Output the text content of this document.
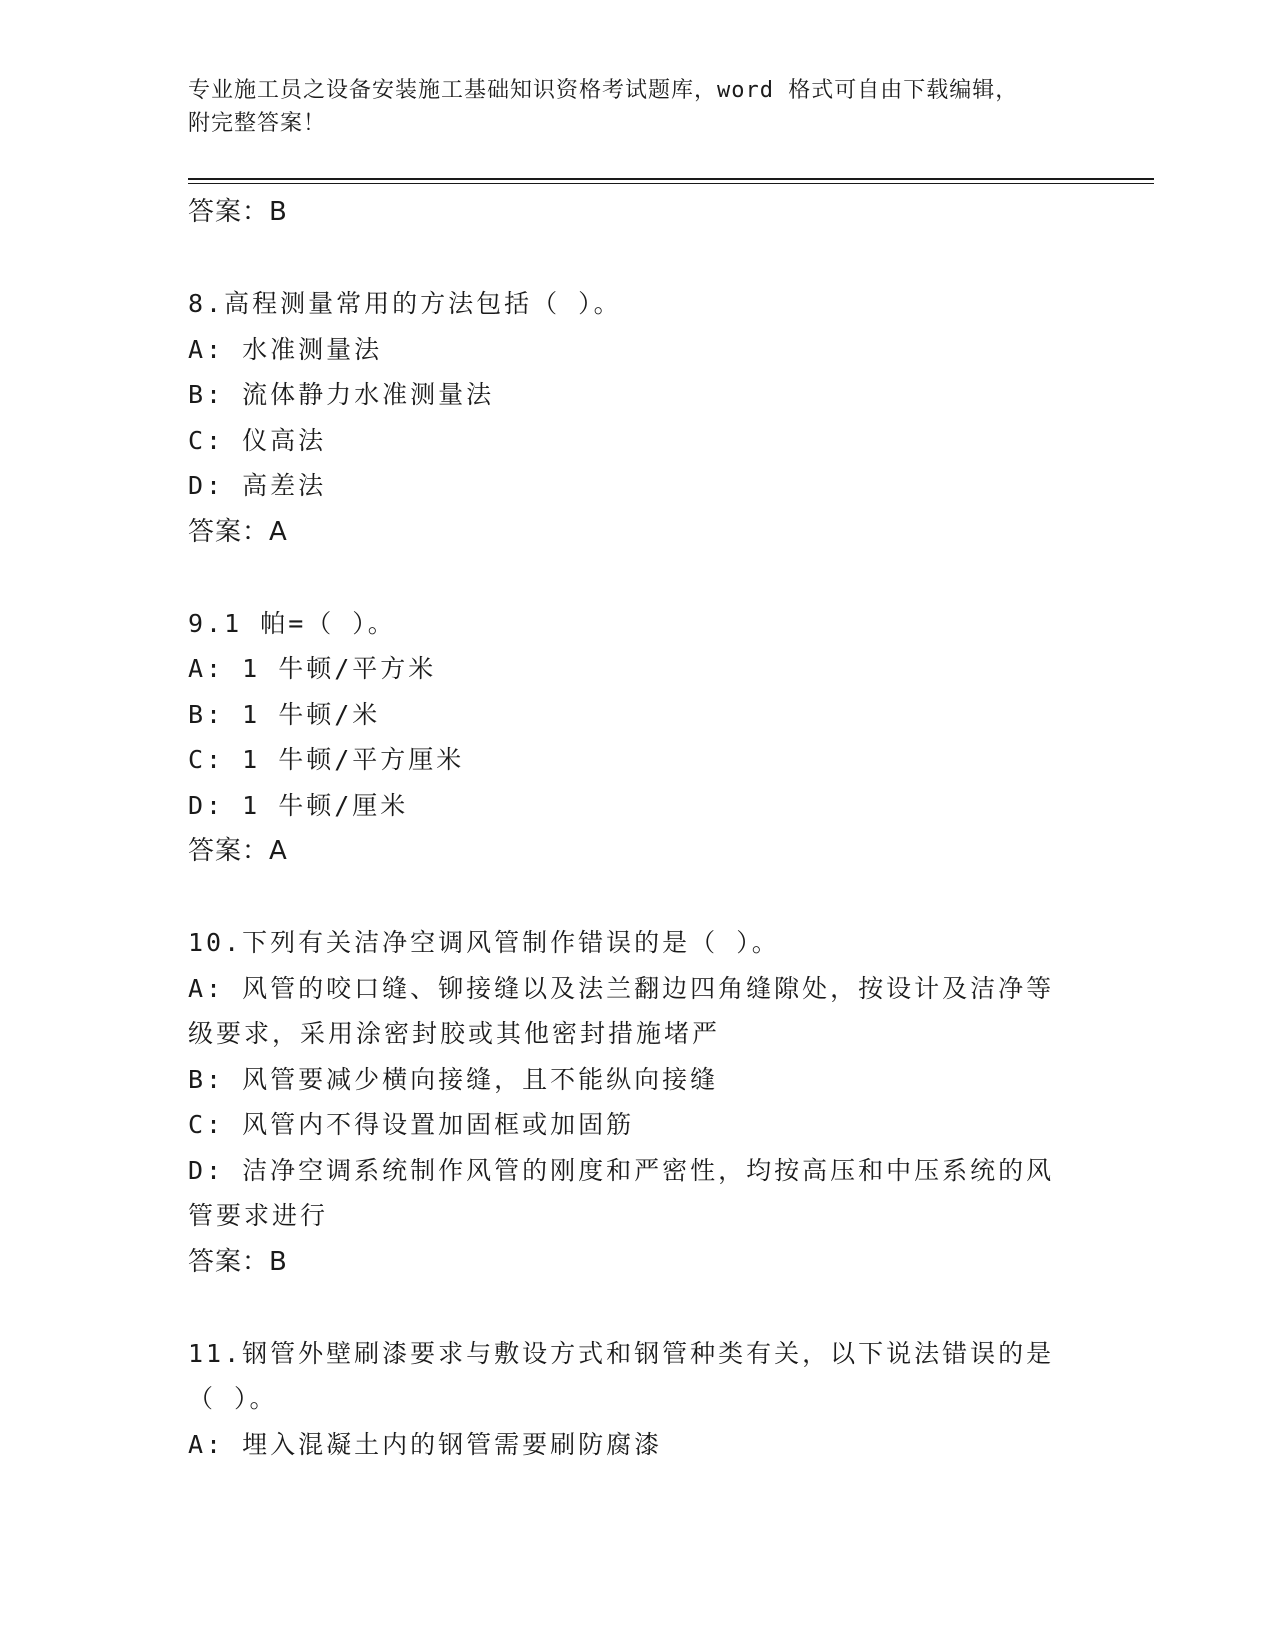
专业施工员之设备安装施工基础知识资格考试题库，word 格式可自由下载编辑，
附完整答案！
答案：B
8.高程测量常用的方法包括（ ）。
A: 水准测量法
B: 流体静力水准测量法
C: 仪高法
D: 高差法
答案：A
9.1 帕=（ ）。
A: 1 牛顿/平方米
B: 1 牛顿/米
C: 1 牛顿/平方厘米
D: 1 牛顿/厘米
答案：A
10.下列有关洁净空调风管制作错误的是（ ）。
A: 风管的咬口缝、铆接缝以及法兰翻边四角缝隙处，按设计及洁净等
级要求，采用涂密封胶或其他密封措施堵严
B: 风管要减少横向接缝，且不能纵向接缝
C: 风管内不得设置加固框或加固筋
D: 洁净空调系统制作风管的刚度和严密性，均按高压和中压系统的风
管要求进行
答案：B
11.钢管外壁刷漆要求与敷设方式和钢管种类有关，以下说法错误的是
（ ）。
A: 埋入混凝土内的钢管需要刷防腐漆
